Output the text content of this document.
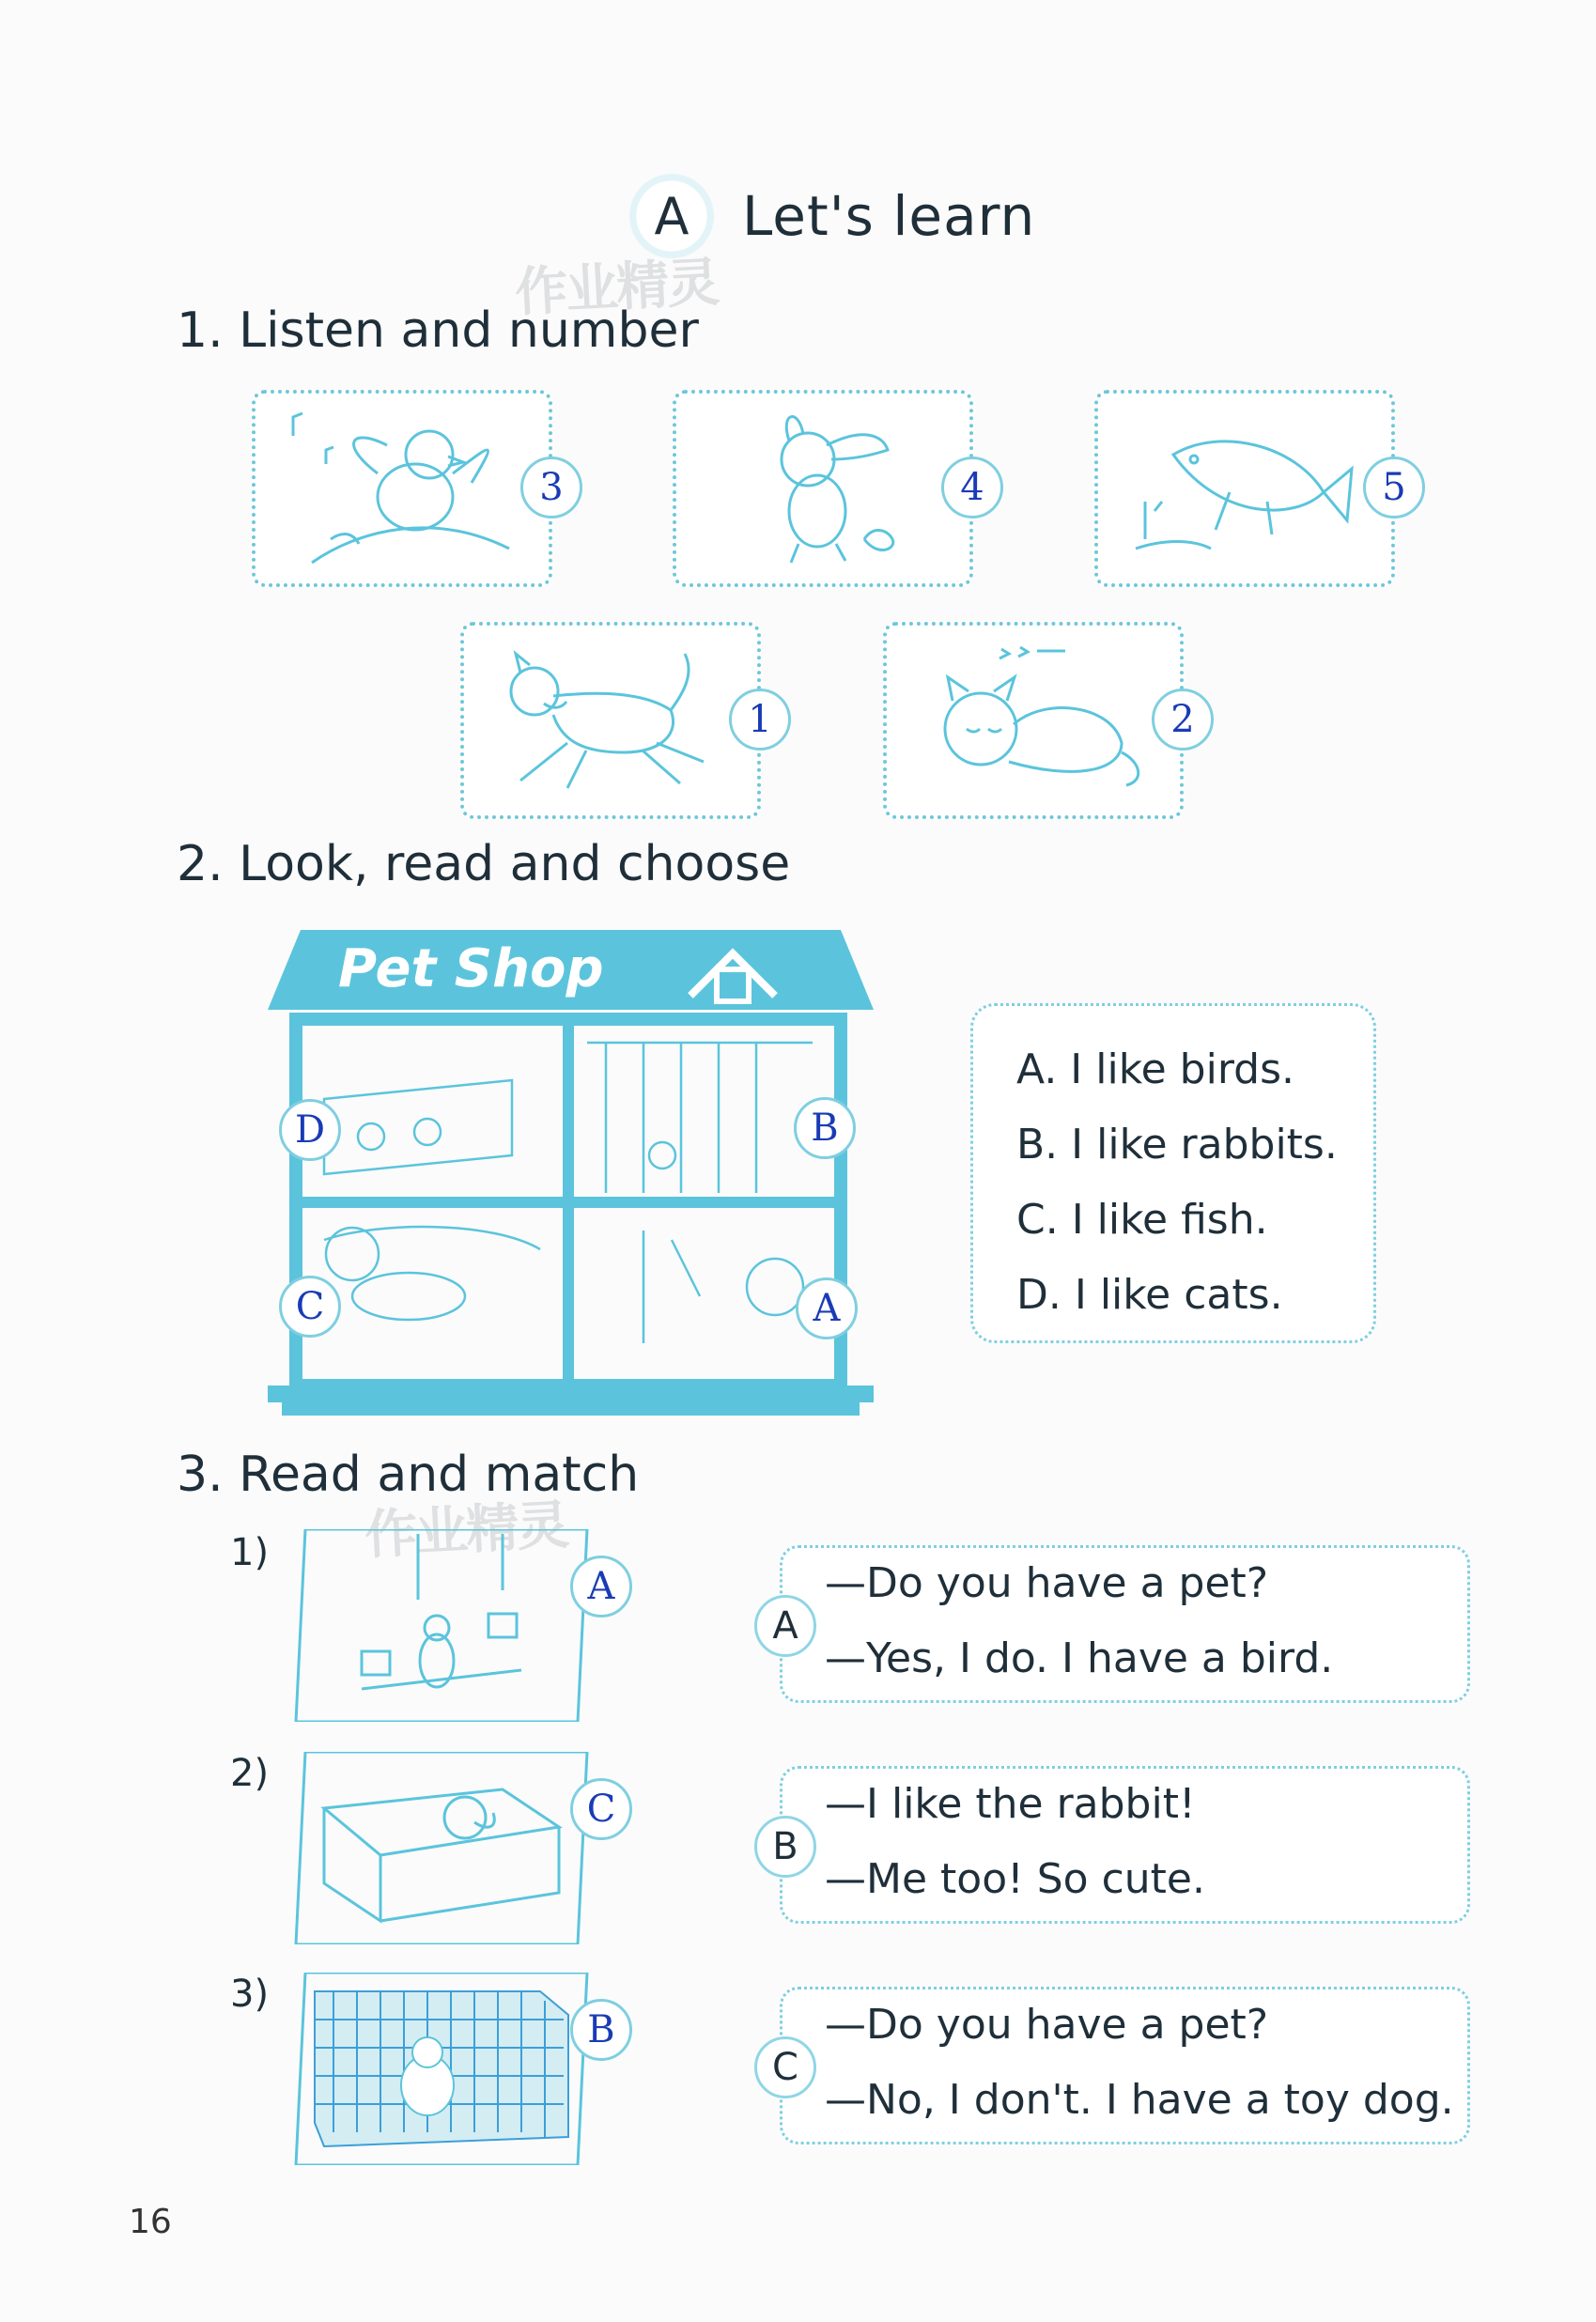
A Let's learn
作业精灵
1. Listen and number
3	4	5
1	2
2. Look, read and choose
Pet Shop
D	B
C	A
A. I like birds.
B. I like rabbits.
C. I like fish.
D. I like cats.
3. Read and match
作业精灵
1)
A
A
—Do you have a pet?
—Yes, I do. I have a bird.
2)
C
B
—I like the rabbit!
—Me too! So cute.
3)
B
C
—Do you have a pet?
—No, I don't. I have a toy dog.
16
